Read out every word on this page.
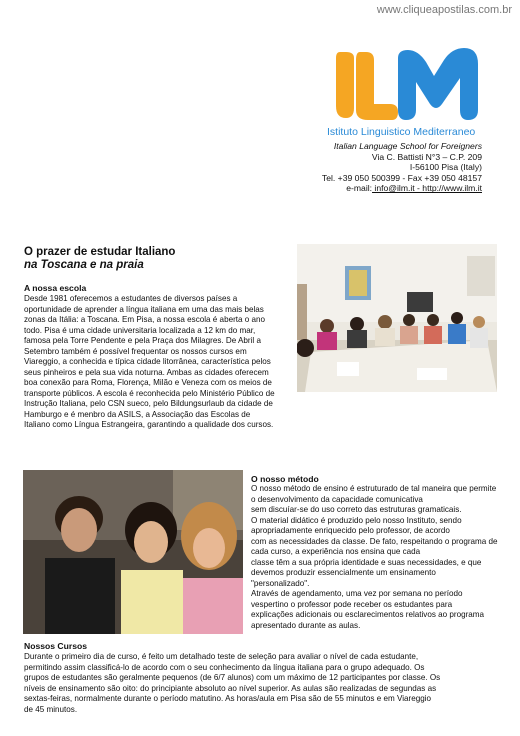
www.cliqueapostilas.com.br
Istituto Linguistico Mediterraneo
Italian Language School for Foreigners
Via C. Battisti N°3 – C.P. 209
I-56100 Pisa (Italy)
Tel. +39 050 500399 - Fax +39 050 48157
e-mail: info@ilm.it - http://www.ilm.it
O prazer de estudar Italiano
na Toscana e na praia
A nossa escola
Desde 1981 oferecemos a estudantes de diversos países a
oportunidade de aprender a língua italiana em uma das mais belas
zonas da Itália: a Toscana. Em Pisa, a nossa escola é aberta o ano
todo. Pisa é uma cidade universitaria localizada a 12 km do mar,
famosa pela Torre Pendente e pela Praça dos Milagres. De Abril a
Setembro também é possível frequentar os nossos cursos em
Viareggio, a conhecida e típica cidade litorrânea, característica pelos
seus pinheiros e pela sua vida noturna. Ambas as cidades oferecem
boa conexão para Roma, Florença, Milão e Veneza com os meios de
transporte públicos. A escola é reconhecida pelo Ministério Público de
Instrução Italiana, pelo CSN sueco, pelo Bildungsurlaub da cidade de
Hamburgo e é menbro da ASILS, a Associação das Escolas de
Italiano como Língua Estrangeira, garantindo a qualidade dos cursos.
O nosso método
O nosso método de ensino é estruturado de tal maneira que permite
o desenvolvimento da capacidade comunicativa
sem discuíar-se do uso correto das estruturas gramaticais.
O material didático é produzido pelo nosso Instituto, sendo
apropriadamente enriquecido pelo professor, de acordo
com as necessidades da classe. De fato, respeitando o programa de
cada curso, a experiência nos ensina que cada
classe têm a sua própria identidade e suas necessidades, e que
devemos produzir essencialmente um ensinamento
"personalizado".
Através de agendamento, uma vez por semana no período
vespertino o professor pode receber os estudantes para
explicações adicionais ou esclarecimentos relativos ao programa
apresentado durante as aulas.
Nossos Cursos
Durante o primeiro dia de curso, é feito um detalhado teste de seleção para avaliar o nível de cada estudante,
permitindo assim classificá-lo de acordo com o seu conhecimento da língua italiana para o grupo adequado. Os
grupos de estudantes são geralmente pequenos (de 6/7 alunos) com um máximo de 12 participantes por classe. Os
níveis de ensinamento são oito: do principiante absoluto ao nível superior. As aulas são realizadas de segundas as
sextas-feiras, normalmente durante o período matutino. As horas/aula em Pisa são de 55 minutos e em Viareggio
de 45 minutos.
